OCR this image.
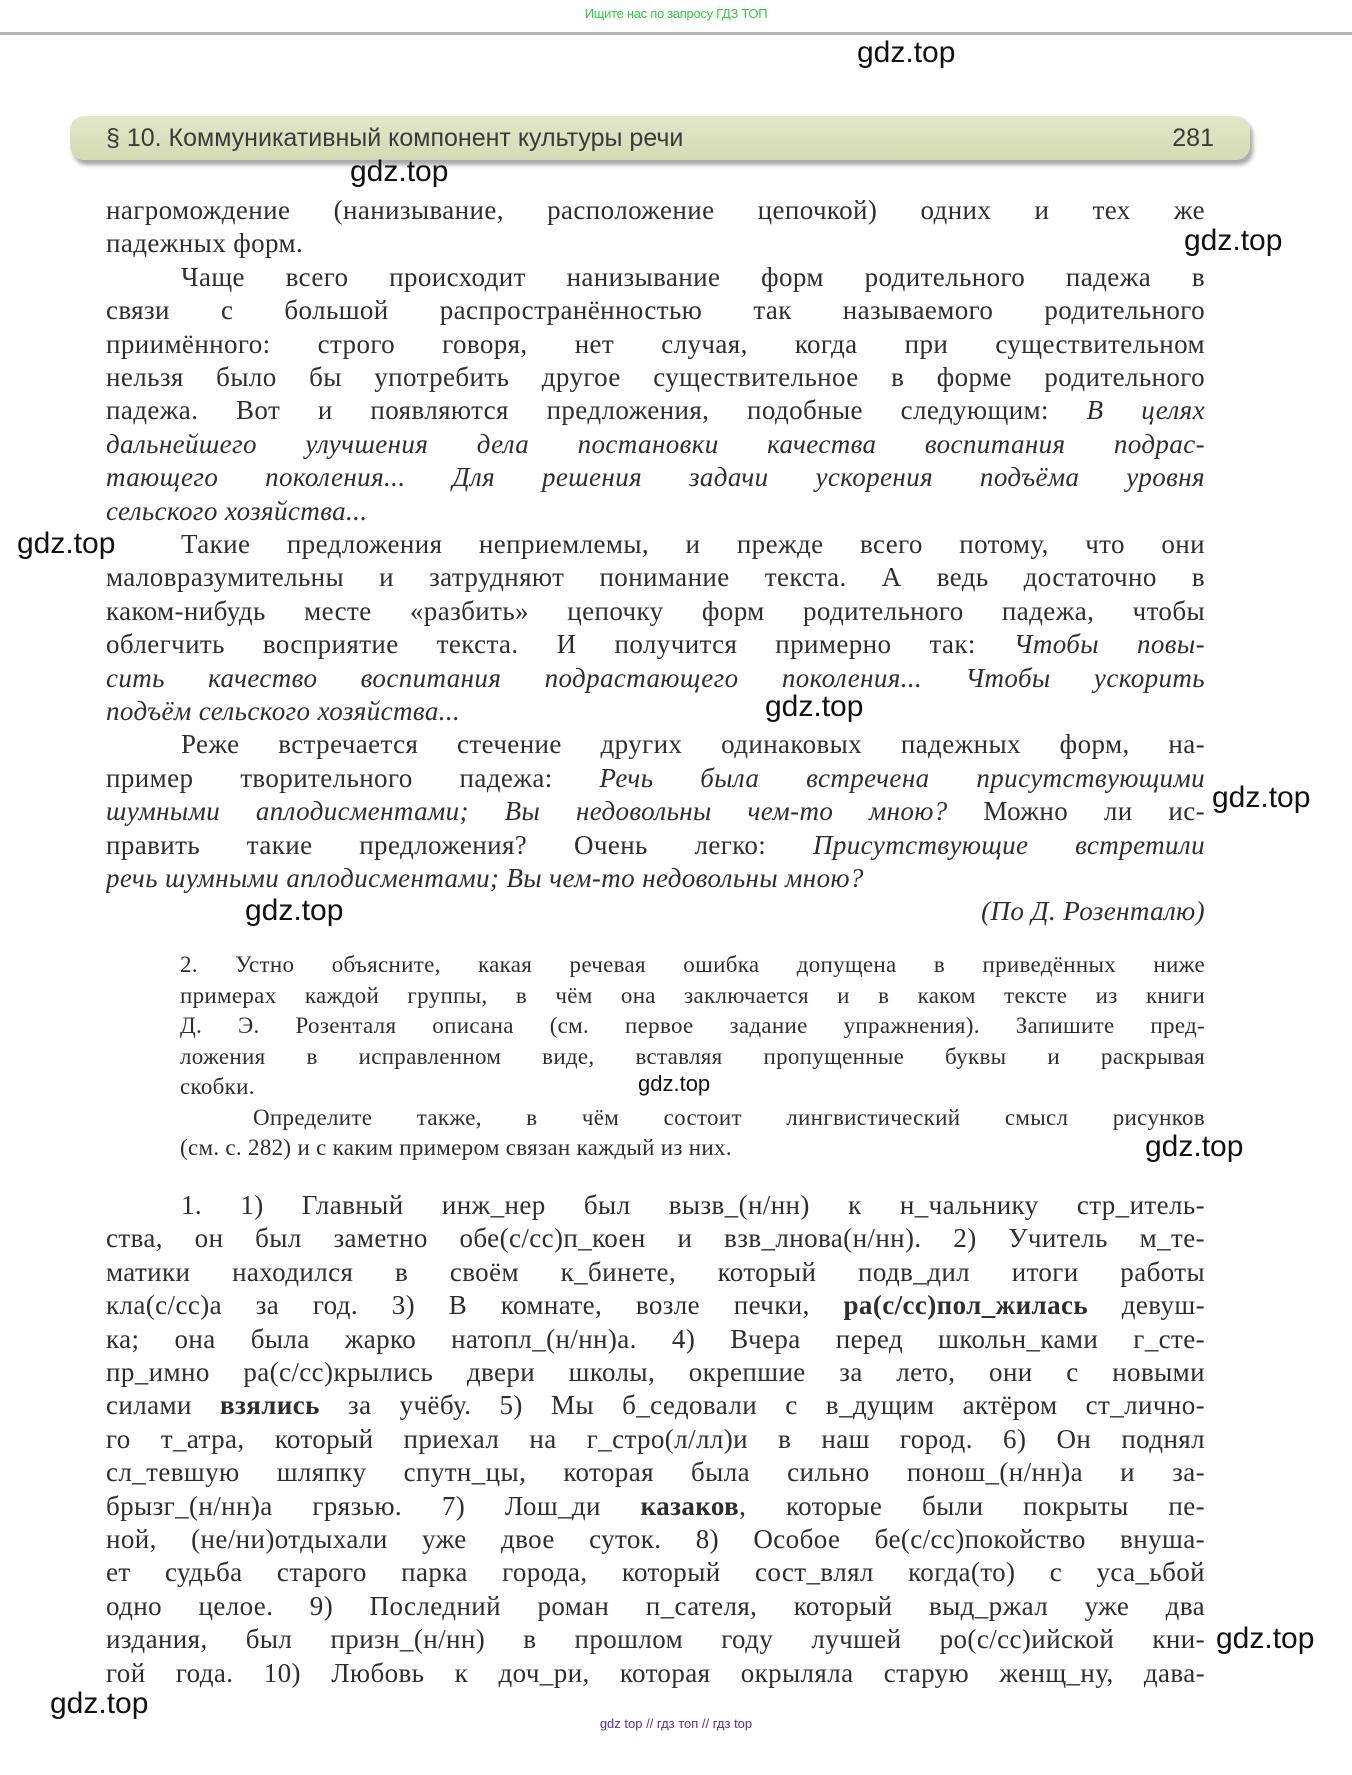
Ищите нас по запросу ГДЗ ТОП
§ 10. Коммуникативный компонент культуры речи	281
gdz.top
gdz.top
gdz.top
gdz.top
gdz.top
gdz.top
gdz.top
gdz.top
gdz.top
gdz.top
gdz.top
нагромождение (нанизывание, расположение цепочкой) одних и тех же
падежных форм.
Чаще всего происходит нанизывание форм родительного падежа в
связи с большой распространённостью так называемого родительного
приимённого: строго говоря, нет случая, когда при существительном
нельзя было бы употребить другое существительное в форме родительного
падежа. Вот и появляются предложения, подобные следующим: В целях
дальнейшего улучшения дела постановки качества воспитания подрас-
тающего поколения... Для решения задачи ускорения подъёма уровня
сельского хозяйства...
Такие предложения неприемлемы, и прежде всего потому, что они
маловразумительны и затрудняют понимание текста. А ведь достаточно в
каком-нибудь месте «разбить» цепочку форм родительного падежа, чтобы
облегчить восприятие текста. И получится примерно так: Чтобы повы-
сить качество воспитания подрастающего поколения... Чтобы ускорить
подъём сельского хозяйства...
Реже встречается стечение других одинаковых падежных форм, на-
пример творительного падежа: Речь была встречена присутствующими
шумными аплодисментами; Вы недовольны чем-то мною? Можно ли ис-
править такие предложения? Очень легко: Присутствующие встретили
речь шумными аплодисментами; Вы чем-то недовольны мною?
(По Д. Розенталю)
2. Устно объясните, какая речевая ошибка допущена в приведённых ниже
примерах каждой группы, в чём она заключается и в каком тексте из книги
Д. Э. Розенталя описана (см. первое задание упражнения). Запишите пред-
ложения в исправленном виде, вставляя пропущенные буквы и раскрывая
скобки.
Определите также, в чём состоит лингвистический смысл рисунков
(см. с. 282) и с каким примером связан каждый из них.
1. 1) Главный инж_нер был вызв_(н/нн) к н_чальнику стр_итель-
ства, он был заметно обе(с/сс)п_коен и взв_лнова(н/нн). 2) Учитель м_те-
матики находился в своём к_бинете, который подв_дил итоги работы
кла(с/сс)а за год. 3) В комнате, возле печки, ра(с/сс)пол_жилась девуш-
ка; она была жарко натопл_(н/нн)а. 4) Вчера перед школьн_ками г_сте-
пр_имно ра(с/сс)крылись двери школы, окрепшие за лето, они с новыми
силами взялись за учёбу. 5) Мы б_седовали с в_дущим актёром ст_лично-
го т_атра, который приехал на г_стро(л/лл)и в наш город. 6) Он поднял
сл_тевшую шляпку спутн_цы, которая была сильно понош_(н/нн)а и за-
брызг_(н/нн)а грязью. 7) Лош_ди казаков, которые были покрыты пе-
ной, (не/ни)отдыхали уже двое суток. 8) Особое бе(с/сс)покойство внуша-
ет судьба старого парка города, который сост_влял когда(то) с уса_ьбой
одно целое. 9) Последний роман п_сателя, который выд_ржал уже два
издания, был призн_(н/нн) в прошлом году лучшей ро(с/сс)ийской кни-
гой года. 10) Любовь к доч_ри, которая окрыляла старую женщ_ну, дава-
gdz top // гдз топ // гдз top
